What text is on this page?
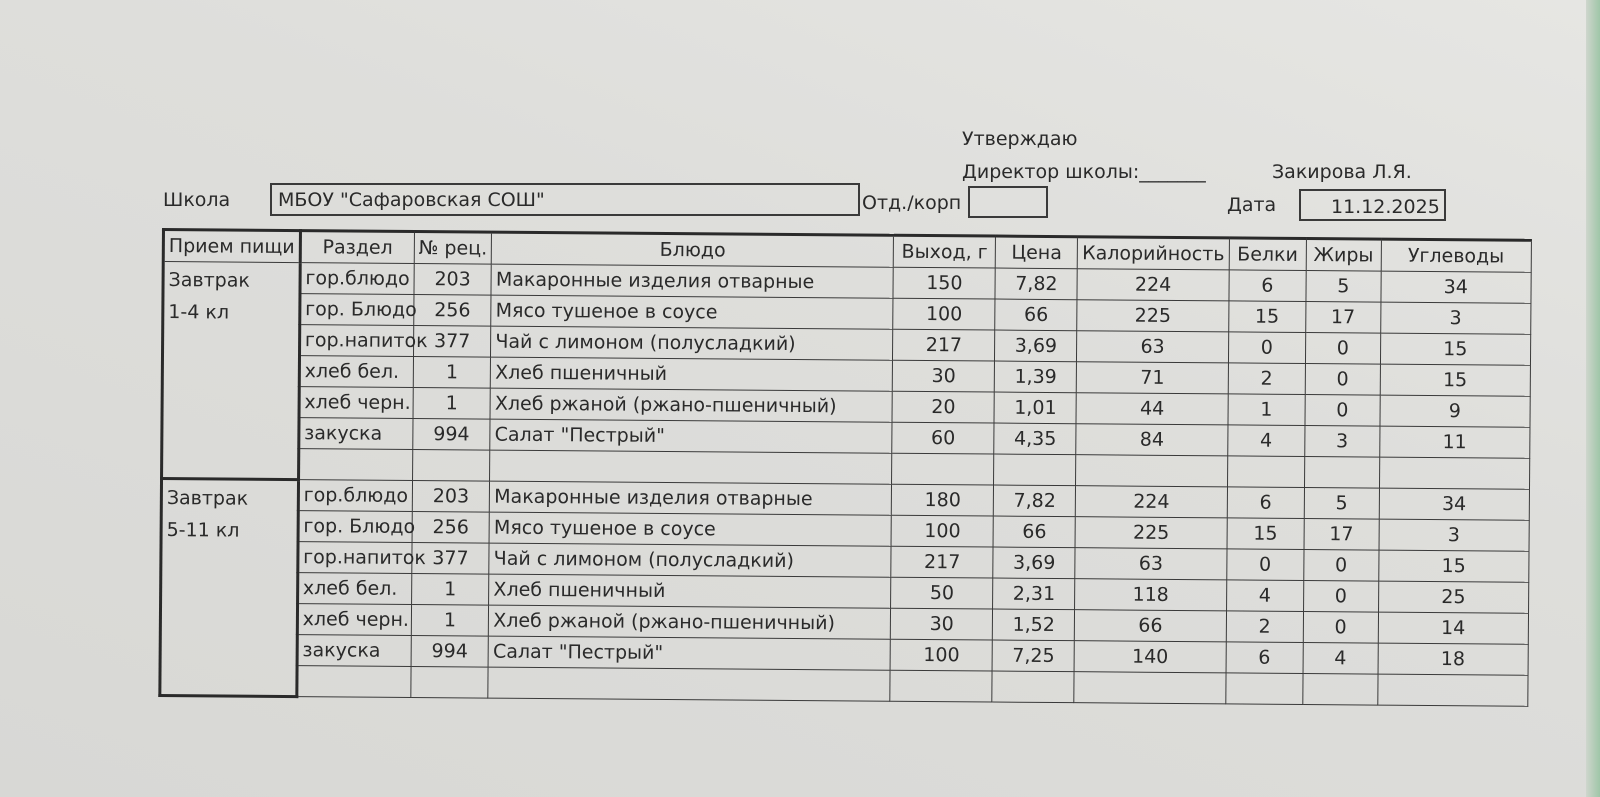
Утверждаю
Директор школы:_______	Закирова Л.Я.
Школа	МБОУ "Сафаровская СОШ"	Отд./корп	Дата	11.12.2025
Прием пищи	Раздел	№ рец.	Блюдо	Выход, г	Цена	Калорийность	Белки	Жиры	Углеводы

Завтрак
1-4 кл	гор.блюдо	203	Макаронные изделия отварные	150	7,82	224	6	5	34

	гор. Блюдо	256	Мясо тушеное в соусе	100	66	225	15	17	3

	гор.напиток	377	Чай с лимоном (полусладкий)	217	3,69	63	0	0	15

	хлеб бел.	1	Хлеб пшеничный	30	1,39	71	2	0	15

	хлеб черн.	1	Хлеб ржаной (ржано-пшеничный)	20	1,01	44	1	0	9

	закуска	994	Салат "Пестрый"	60	4,35	84	4	3	11

Завтрак
5-11 кл	гор.блюдо	203	Макаронные изделия отварные	180	7,82	224	6	5	34

	гор. Блюдо	256	Мясо тушеное в соусе	100	66	225	15	17	3

	гор.напиток	377	Чай с лимоном (полусладкий)	217	3,69	63	0	0	15

	хлеб бел.	1	Хлеб пшеничный	50	2,31	118	4	0	25

	хлеб черн.	1	Хлеб ржаной (ржано-пшеничный)	30	1,52	66	2	0	14

	закуска	994	Салат "Пестрый"	100	7,25	140	6	4	18
